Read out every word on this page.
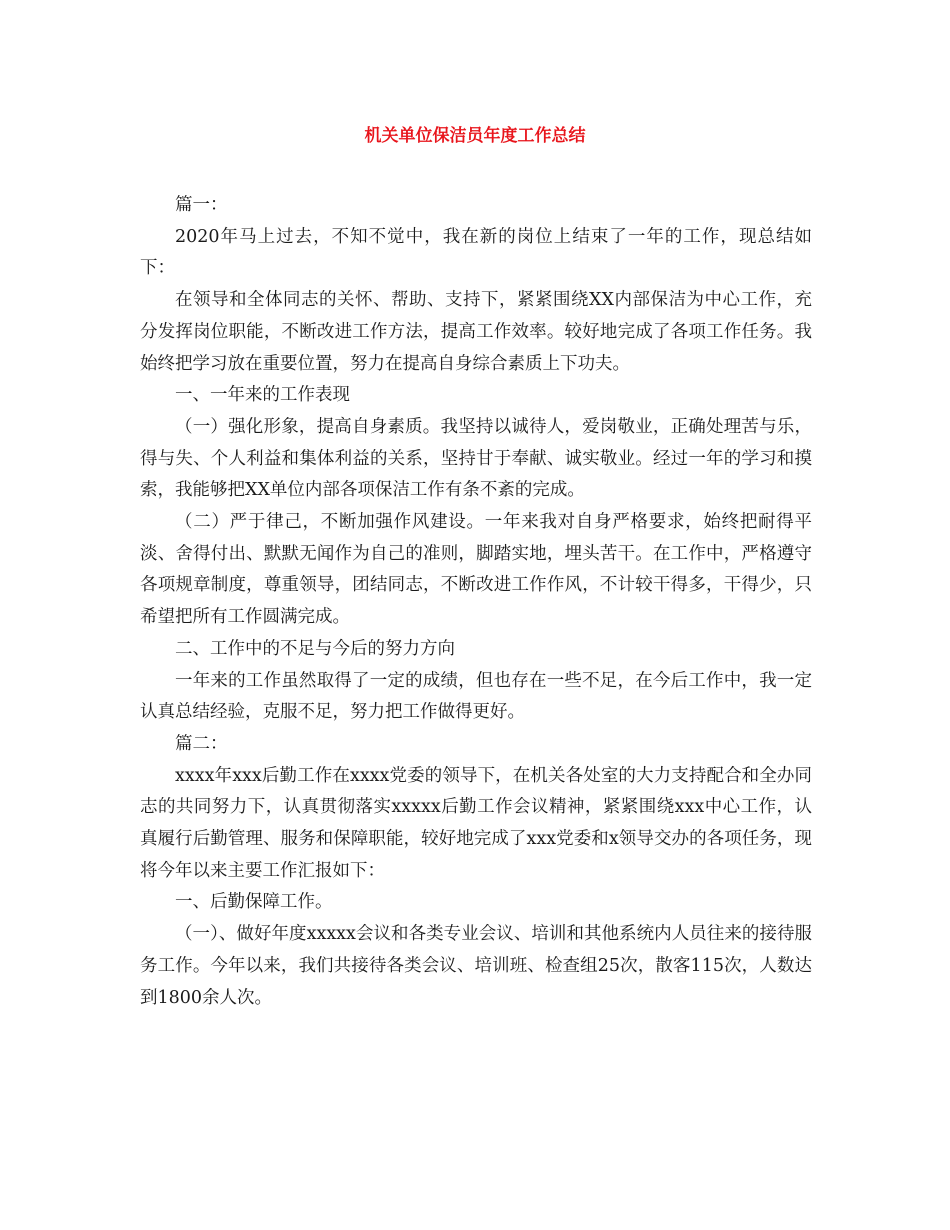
机关单位保洁员年度工作总结

篇一：

2020年马上过去，不知不觉中，我在新的岗位上结束了一年的工作，现总结如下：

在领导和全体同志的关怀、帮助、支持下，紧紧围绕XX内部保洁为中心工作，充分发挥岗位职能，不断改进工作方法，提高工作效率。较好地完成了各项工作任务。我始终把学习放在重要位置，努力在提高自身综合素质上下功夫。

一、一年来的工作表现

（一）强化形象，提高自身素质。我坚持以诚待人，爱岗敬业，正确处理苦与乐，得与失、个人利益和集体利益的关系，坚持甘于奉献、诚实敬业。经过一年的学习和摸索，我能够把XX单位内部各项保洁工作有条不紊的完成。

（二）严于律己，不断加强作风建设。一年来我对自身严格要求，始终把耐得平淡、舍得付出、默默无闻作为自己的准则，脚踏实地，埋头苦干。在工作中，严格遵守各项规章制度，尊重领导，团结同志，不断改进工作作风，不计较干得多，干得少，只希望把所有工作圆满完成。

二、工作中的不足与今后的努力方向

一年来的工作虽然取得了一定的成绩，但也存在一些不足，在今后工作中，我一定认真总结经验，克服不足，努力把工作做得更好。

篇二：

xxxx年xxx后勤工作在xxxx党委的领导下，在机关各处室的大力支持配合和全办同志的共同努力下，认真贯彻落实xxxxx后勤工作会议精神，紧紧围绕xxx中心工作，认真履行后勤管理、服务和保障职能，较好地完成了xxx党委和x领导交办的各项任务，现将今年以来主要工作汇报如下：

一、后勤保障工作。

（一）、做好年度xxxxx会议和各类专业会议、培训和其他系统内人员往来的接待服务工作。今年以来，我们共接待各类会议、培训班、检查组25次，散客115次，人数达到1800余人次。
